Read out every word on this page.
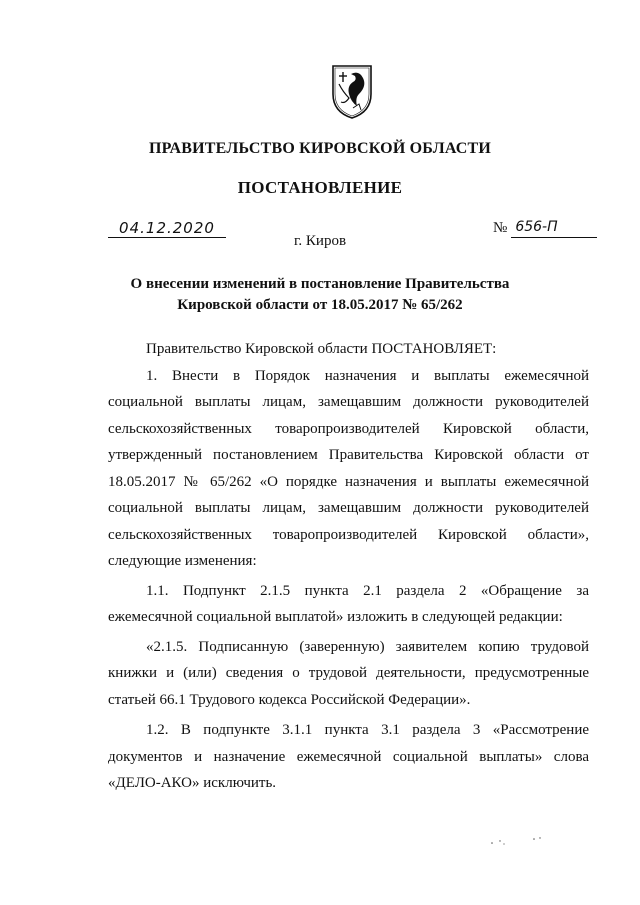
ПРАВИТЕЛЬСТВО КИРОВСКОЙ ОБЛАСТИ
ПОСТАНОВЛЕНИЕ
04.12.2020	№ 656-П
г. Киров
О внесении изменений в постановление Правительства
Кировской области от 18.05.2017 № 65/262

Правительство Кировской области ПОСТАНОВЛЯЕТ:

1. Внести в Порядок назначения и выплаты ежемесячной социальной выплаты лицам, замещавшим должности руководителей сельскохозяйственных товаропроизводителей Кировской области, утвержденный постановлением Правительства Кировской области от 18.05.2017 № 65/262 «О порядке назначения и выплаты ежемесячной социальной выплаты лицам, замещавшим должности руководителей сельскохозяйственных товаропроизводителей Кировской области», следующие изменения:

1.1. Подпункт 2.1.5 пункта 2.1 раздела 2 «Обращение за ежемесячной социальной выплатой» изложить в следующей редакции:

«2.1.5. Подписанную (заверенную) заявителем копию трудовой книжки и (или) сведения о трудовой деятельности, предусмотренные статьей 66.1 Трудового кодекса Российской Федерации».

1.2. В подпункте 3.1.1 пункта 3.1 раздела 3 «Рассмотрение документов и назначение ежемесячной социальной выплаты» слова «ДЕЛО-АКО» исключить.
